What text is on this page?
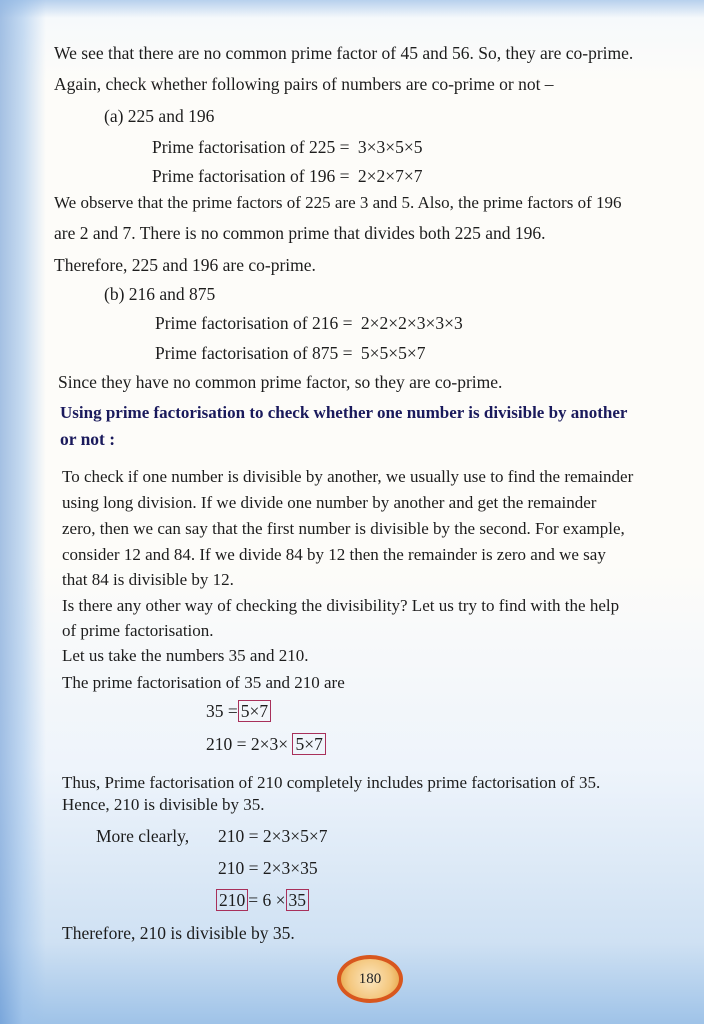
We see that there are no common prime factor of 45 and 56. So, they are co-prime.
Again, check whether following pairs of numbers are co-prime or not –
(a) 225 and 196
Prime factorisation of 225 = 3×3×5×5
Prime factorisation of 196 = 2×2×7×7
We observe that the prime factors of 225 are 3 and 5. Also, the prime factors of 196
are 2 and 7. There is no common prime that divides both 225 and 196.
Therefore, 225 and 196 are co-prime.
(b) 216 and 875
Prime factorisation of 216 = 2×2×2×3×3×3
Prime factorisation of 875 = 5×5×5×7
Since they have no common prime factor, so they are co-prime.
Using prime factorisation to check whether one number is divisible by another
or not :
To check if one number is divisible by another, we usually use to find the remainder
using long division. If we divide one number by another and get the remainder
zero, then we can say that the first number is divisible by the second. For example,
consider 12 and 84. If we divide 84 by 12 then the remainder is zero and we say
that 84 is divisible by 12.
Is there any other way of checking the divisibility? Let us try to find with the help
of prime factorisation.
Let us take the numbers 35 and 210.
The prime factorisation of 35 and 210 are
35 = 5×7
210 = 2×3× 5×7
Thus, Prime factorisation of 210 completely includes prime factorisation of 35.
Hence, 210 is divisible by 35.
More clearly, 210 = 2×3×5×7
210 = 2×3×35
210 = 6 × 35
Therefore, 210 is divisible by 35.
180
